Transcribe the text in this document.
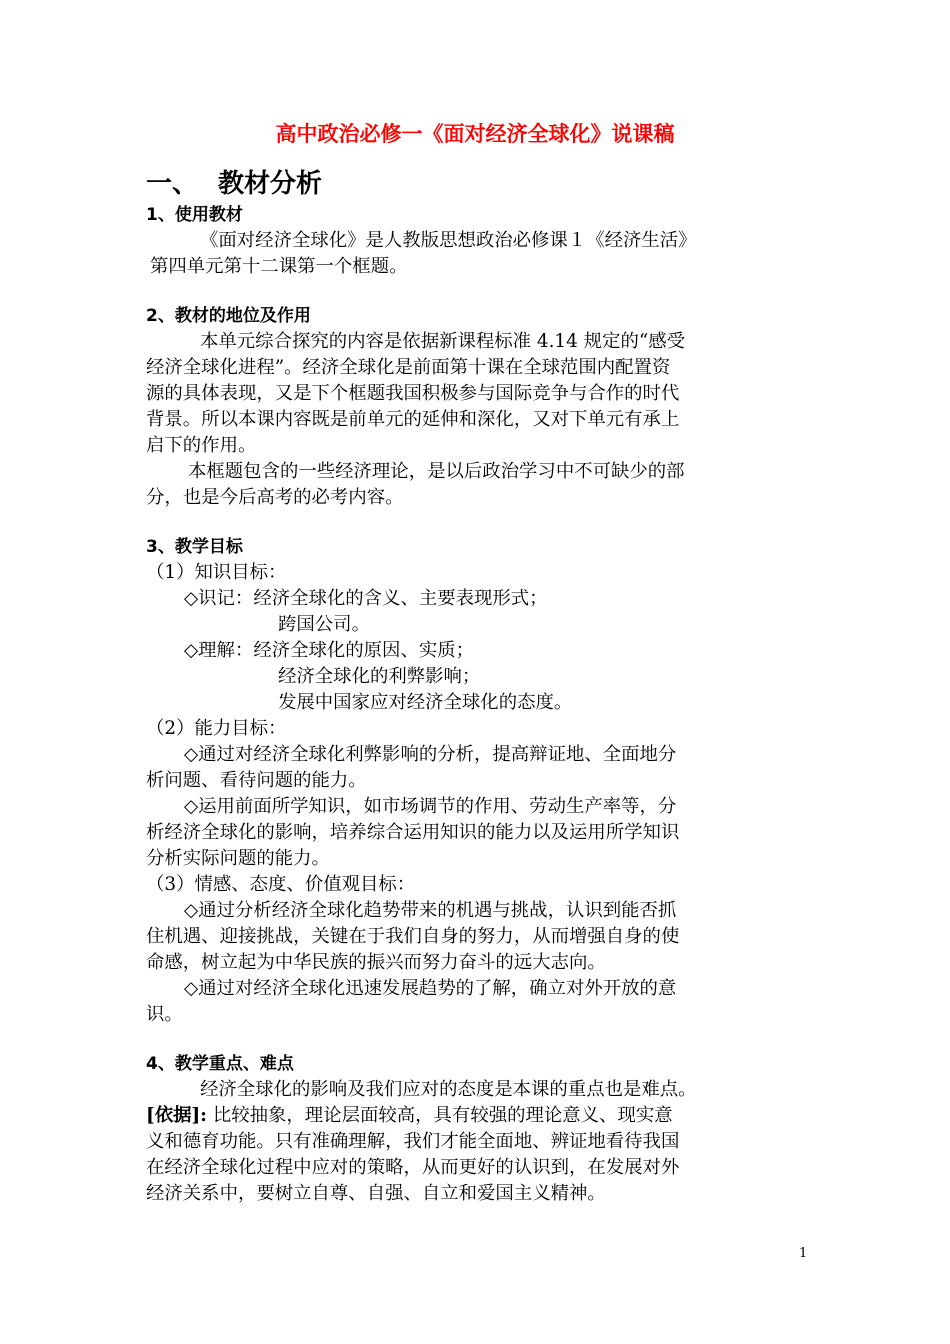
高中政治必修一《面对经济全球化》说课稿
一、 教材分析
1、使用教材
《面对经济全球化》是人教版思想政治必修课１《经济生活》
第四单元第十二课第一个框题。
2、教材的地位及作用
本单元综合探究的内容是依据新课程标准 4.14 规定的“感受
经济全球化进程”。经济全球化是前面第十课在全球范围内配置资
源的具体表现，又是下个框题我国积极参与国际竞争与合作的时代
背景。所以本课内容既是前单元的延伸和深化，又对下单元有承上
启下的作用。
本框题包含的一些经济理论，是以后政治学习中不可缺少的部
分，也是今后高考的必考内容。
3、教学目标
（1）知识目标：
◇识记：经济全球化的含义、主要表现形式；
跨国公司。
◇理解：经济全球化的原因、实质；
经济全球化的利弊影响；
发展中国家应对经济全球化的态度。
（2）能力目标：
◇通过对经济全球化利弊影响的分析，提高辩证地、全面地分
析问题、看待问题的能力。
◇运用前面所学知识，如市场调节的作用、劳动生产率等，分
析经济全球化的影响，培养综合运用知识的能力以及运用所学知识
分析实际问题的能力。
（3）情感、态度、价值观目标：
◇通过分析经济全球化趋势带来的机遇与挑战，认识到能否抓
住机遇、迎接挑战，关键在于我们自身的努力，从而增强自身的使
命感，树立起为中华民族的振兴而努力奋斗的远大志向。
◇通过对经济全球化迅速发展趋势的了解，确立对外开放的意
识。
4、教学重点、难点
经济全球化的影响及我们应对的态度是本课的重点也是难点。
[依据]: 比较抽象，理论层面较高，具有较强的理论意义、现实意
义和德育功能。只有准确理解，我们才能全面地、辨证地看待我国
在经济全球化过程中应对的策略，从而更好的认识到，在发展对外
经济关系中，要树立自尊、自强、自立和爱国主义精神。
1
